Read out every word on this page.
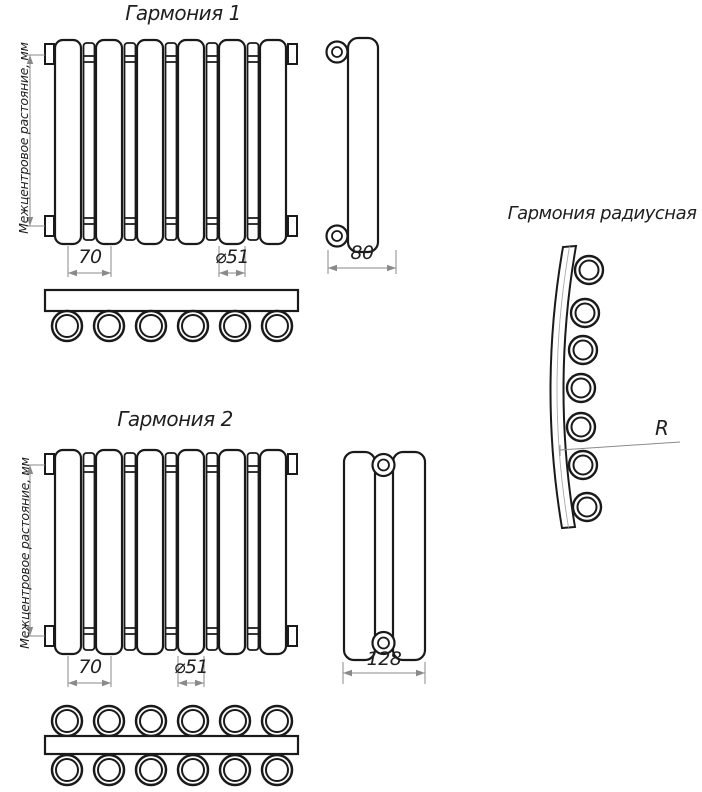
Гармония 1
Межцентровое растояние, мм
70	⌀51	80
Гармония 2
Межцентровое растояние, мм
70	⌀51	128
Гармония радиусная
R
